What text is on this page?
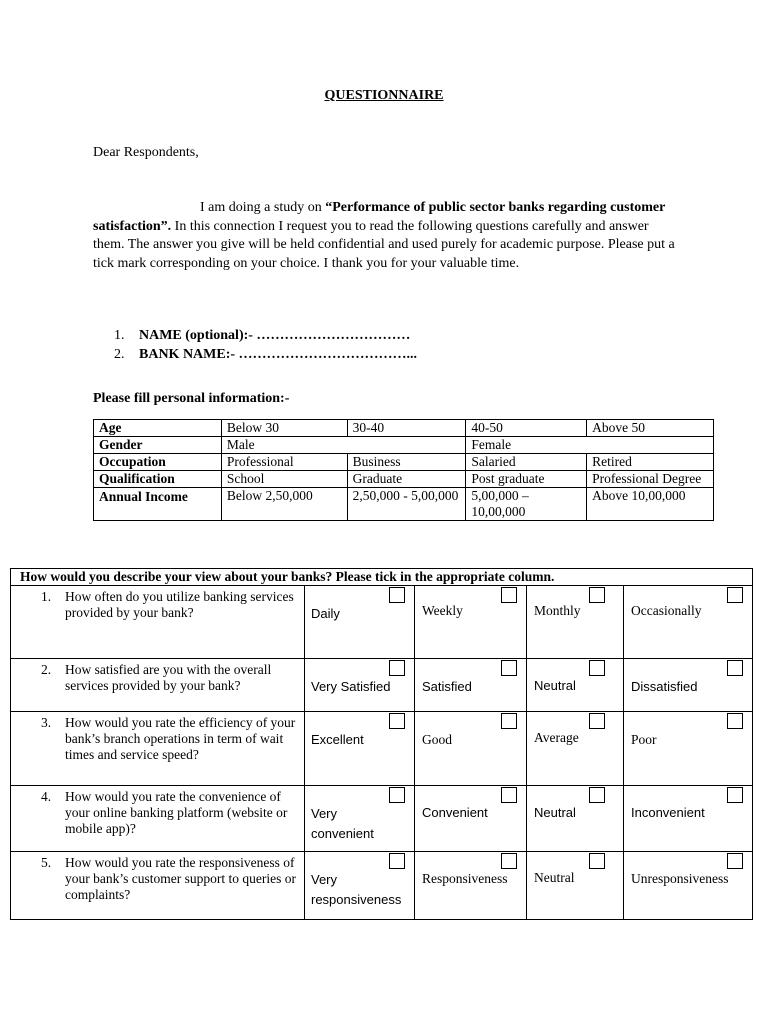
QUESTIONNAIRE
Dear Respondents,
I am doing a study on “Performance of public sector banks regarding customer satisfaction”. In this connection I request you to read the following questions carefully and answer them. The answer you give will be held confidential and used purely for academic purpose. Please put a tick mark corresponding on your choice. I thank you for your valuable time.
1. NAME (optional):- ……………………………
2. BANK NAME:- ………………………………...
Please fill personal information:-
Age	Below 30	30-40	40-50	Above 50
Gender	Male		Female	
Occupation	Professional	Business	Salaried	Retired
Qualification	School	Graduate	Post graduate	Professional Degree
Annual Income	Below 2,50,000	2,50,000 - 5,00,000	5,00,000 – 10,00,000	Above 10,00,000
How would you describe your view about your banks? Please tick in the appropriate column.				

1. How often do you utilize banking services provided by your bank?	Daily	Weekly	Monthly	Occasionally

2. How satisfied are you with the overall services provided by your bank?	Very Satisfied	Satisfied	Neutral	Dissatisfied

3. How would you rate the efficiency of your bank’s branch operations in term of wait times and service speed?	Excellent	Good	Average	Poor

4. How would you rate the convenience of your online banking platform (website or mobile app)?	Very convenient	Convenient	Neutral	Inconvenient

5. How would you rate the responsiveness of your bank’s customer support to queries or complaints?	Very responsiveness	Responsiveness	Neutral	Unresponsiveness
